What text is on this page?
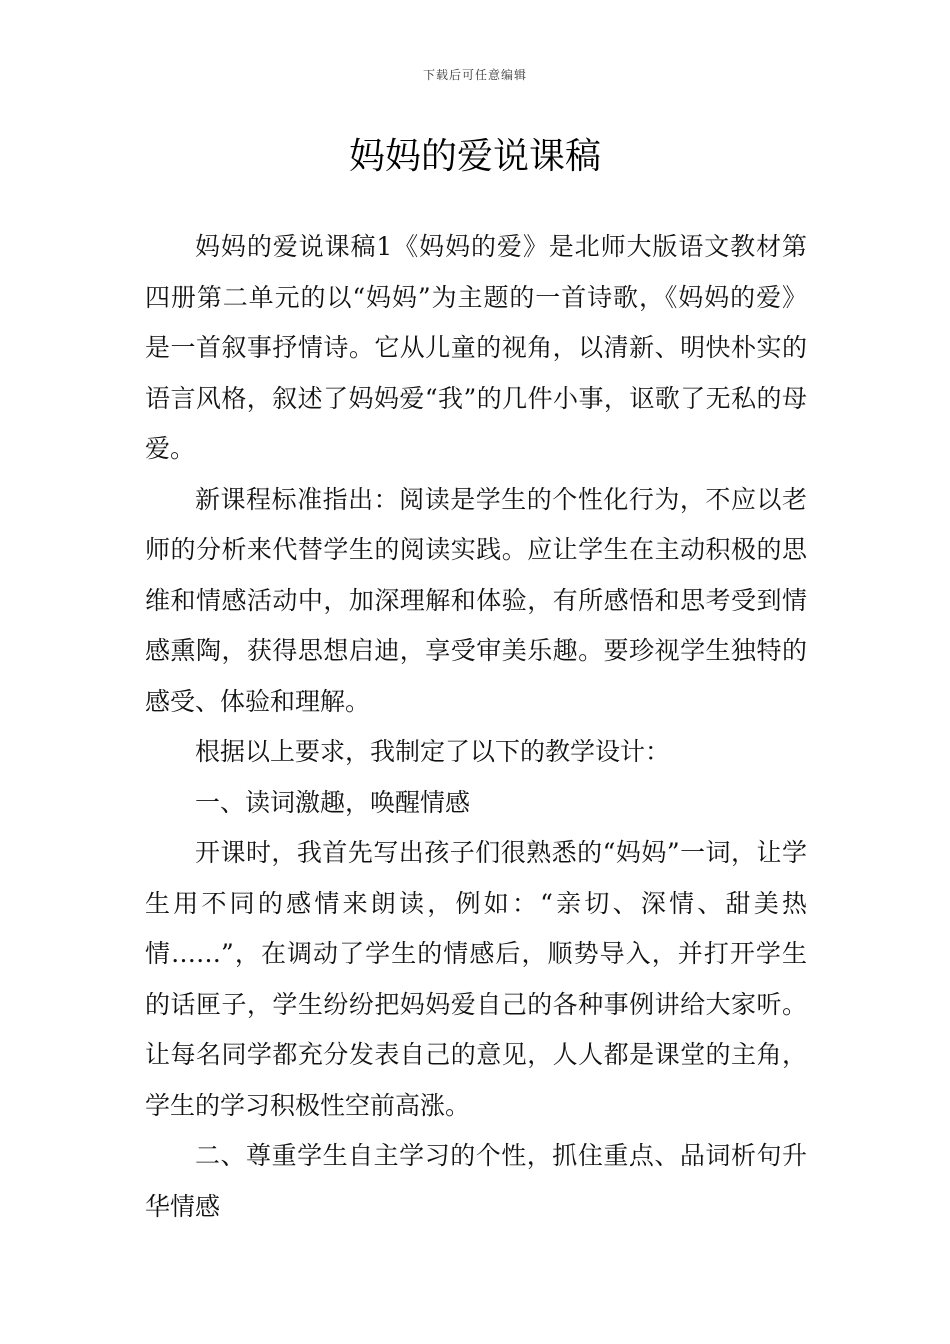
下载后可任意编辑
妈妈的爱说课稿

妈妈的爱说课稿1《妈妈的爱》是北师大版语文教材第四册第二单元的以“妈妈”为主题的一首诗歌，《妈妈的爱》是一首叙事抒情诗。它从儿童的视角，以清新、明快朴实的语言风格，叙述了妈妈爱“我”的几件小事，讴歌了无私的母爱。

新课程标准指出：阅读是学生的个性化行为，不应以老师的分析来代替学生的阅读实践。应让学生在主动积极的思维和情感活动中，加深理解和体验，有所感悟和思考受到情感熏陶，获得思想启迪，享受审美乐趣。要珍视学生独特的感受、体验和理解。

根据以上要求，我制定了以下的教学设计：

一、读词激趣，唤醒情感

开课时，我首先写出孩子们很熟悉的“妈妈”一词，让学生用不同的感情来朗读，例如：“亲切、深情、甜美热情……”，在调动了学生的情感后，顺势导入，并打开学生的话匣子，学生纷纷把妈妈爱自己的各种事例讲给大家听。让每名同学都充分发表自己的意见，人人都是课堂的主角，学生的学习积极性空前高涨。

二、尊重学生自主学习的个性，抓住重点、品词析句升华情感
